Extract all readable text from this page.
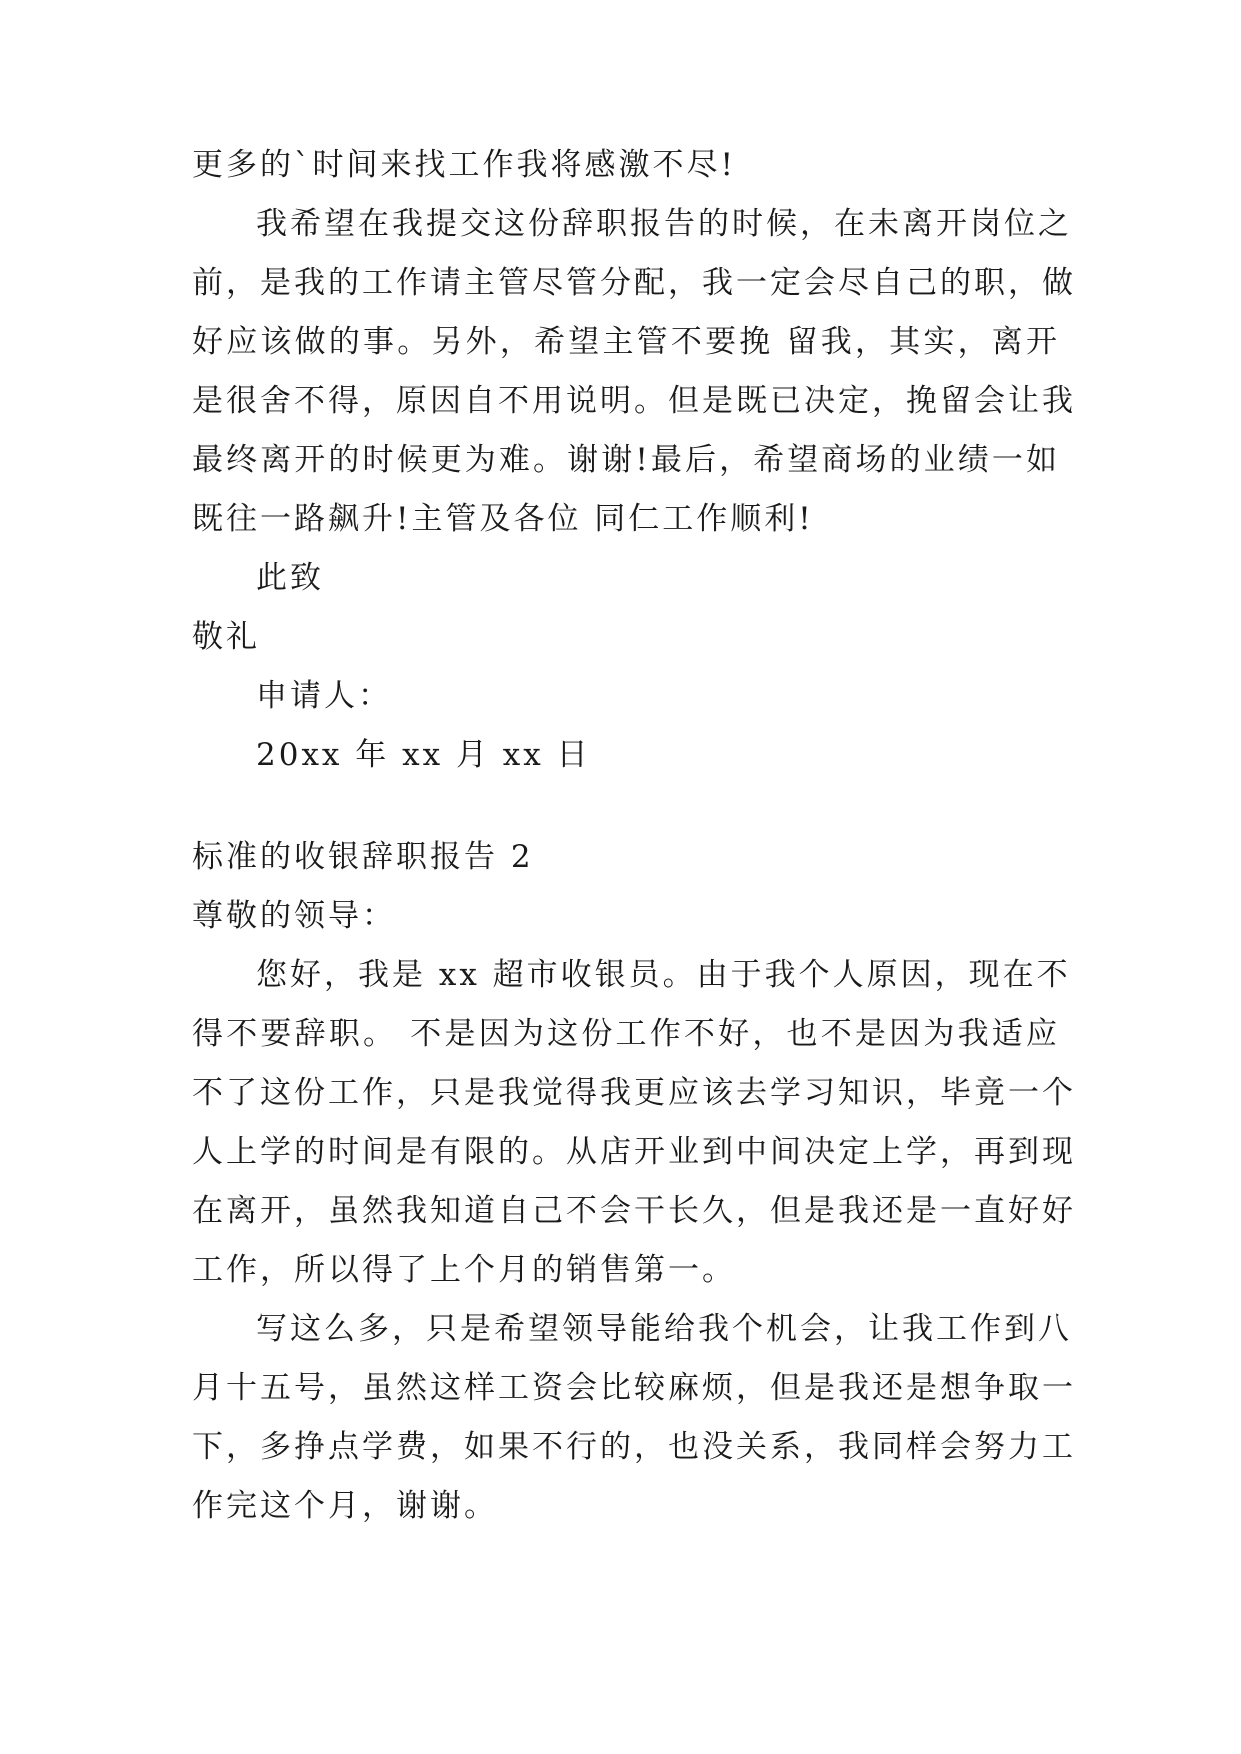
更多的`时间来找工作我将感激不尽!
我希望在我提交这份辞职报告的时候，在未离开岗位之
前，是我的工作请主管尽管分配，我一定会尽自己的职，做
好应该做的事。另外，希望主管不要挽 留我，其实，离开
是很舍不得，原因自不用说明。但是既已决定，挽留会让我
最终离开的时候更为难。谢谢!最后，希望商场的业绩一如
既往一路飙升!主管及各位 同仁工作顺利!
此致
敬礼
申请人：
20xx 年 xx 月 xx 日
标准的收银辞职报告 2
尊敬的领导：
您好，我是 xx 超市收银员。由于我个人原因，现在不
得不要辞职。 不是因为这份工作不好，也不是因为我适应
不了这份工作，只是我觉得我更应该去学习知识，毕竟一个
人上学的时间是有限的。从店开业到中间决定上学，再到现
在离开，虽然我知道自己不会干长久，但是我还是一直好好
工作，所以得了上个月的销售第一。
写这么多，只是希望领导能给我个机会，让我工作到八
月十五号，虽然这样工资会比较麻烦，但是我还是想争取一
下，多挣点学费，如果不行的，也没关系，我同样会努力工
作完这个月，谢谢。
